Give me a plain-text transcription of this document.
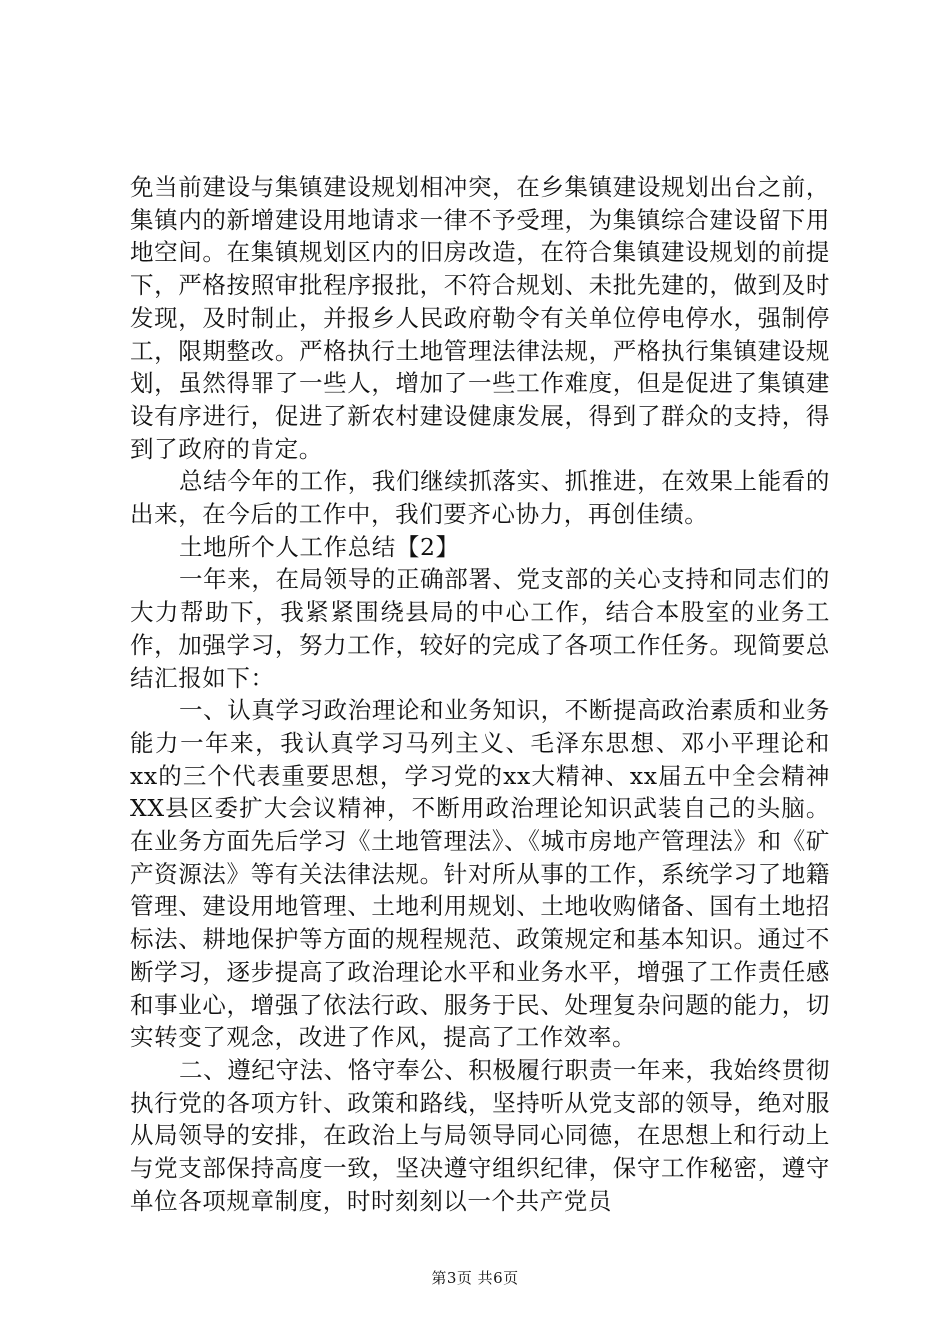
免当前建设与集镇建设规划相冲突，在乡集镇建设规划出台之前，集镇内的新增建设用地请求一律不予受理，为集镇综合建设留下用地空间。在集镇规划区内的旧房改造，在符合集镇建设规划的前提下，严格按照审批程序报批，不符合规划、未批先建的，做到及时发现，及时制止，并报乡人民政府勒令有关单位停电停水，强制停工，限期整改。严格执行土地管理法律法规，严格执行集镇建设规划，虽然得罪了一些人，增加了一些工作难度，但是促进了集镇建设有序进行，促进了新农村建设健康发展，得到了群众的支持，得到了政府的肯定。

总结今年的工作，我们继续抓落实、抓推进，在效果上能看的出来，在今后的工作中，我们要齐心协力，再创佳绩。

土地所个人工作总结【2】

一年来，在局领导的正确部署、党支部的关心支持和同志们的大力帮助下，我紧紧围绕县局的中心工作，结合本股室的业务工作，加强学习，努力工作，较好的完成了各项工作任务。现简要总结汇报如下：

一、认真学习政治理论和业务知识，不断提高政治素质和业务能力一年来，我认真学习马列主义、毛泽东思想、邓小平理论和xx的三个代表重要思想，学习党的xx大精神、xx届五中全会精神XX县区委扩大会议精神，不断用政治理论知识武装自己的头脑。在业务方面先后学习《土地管理法》、《城市房地产管理法》和《矿产资源法》等有关法律法规。针对所从事的工作，系统学习了地籍管理、建设用地管理、土地利用规划、土地收购储备、国有土地招标法、耕地保护等方面的规程规范、政策规定和基本知识。通过不断学习，逐步提高了政治理论水平和业务水平，增强了工作责任感和事业心，增强了依法行政、服务于民、处理复杂问题的能力，切实转变了观念，改进了作风，提高了工作效率。

二、遵纪守法、恪守奉公、积极履行职责一年来，我始终贯彻执行党的各项方针、政策和路线，坚持听从党支部的领导，绝对服从局领导的安排，在政治上与局领导同心同德，在思想上和行动上与党支部保持高度一致，坚决遵守组织纪律，保守工作秘密，遵守单位各项规章制度，时时刻刻以一个共产党员

第3页 共6页
